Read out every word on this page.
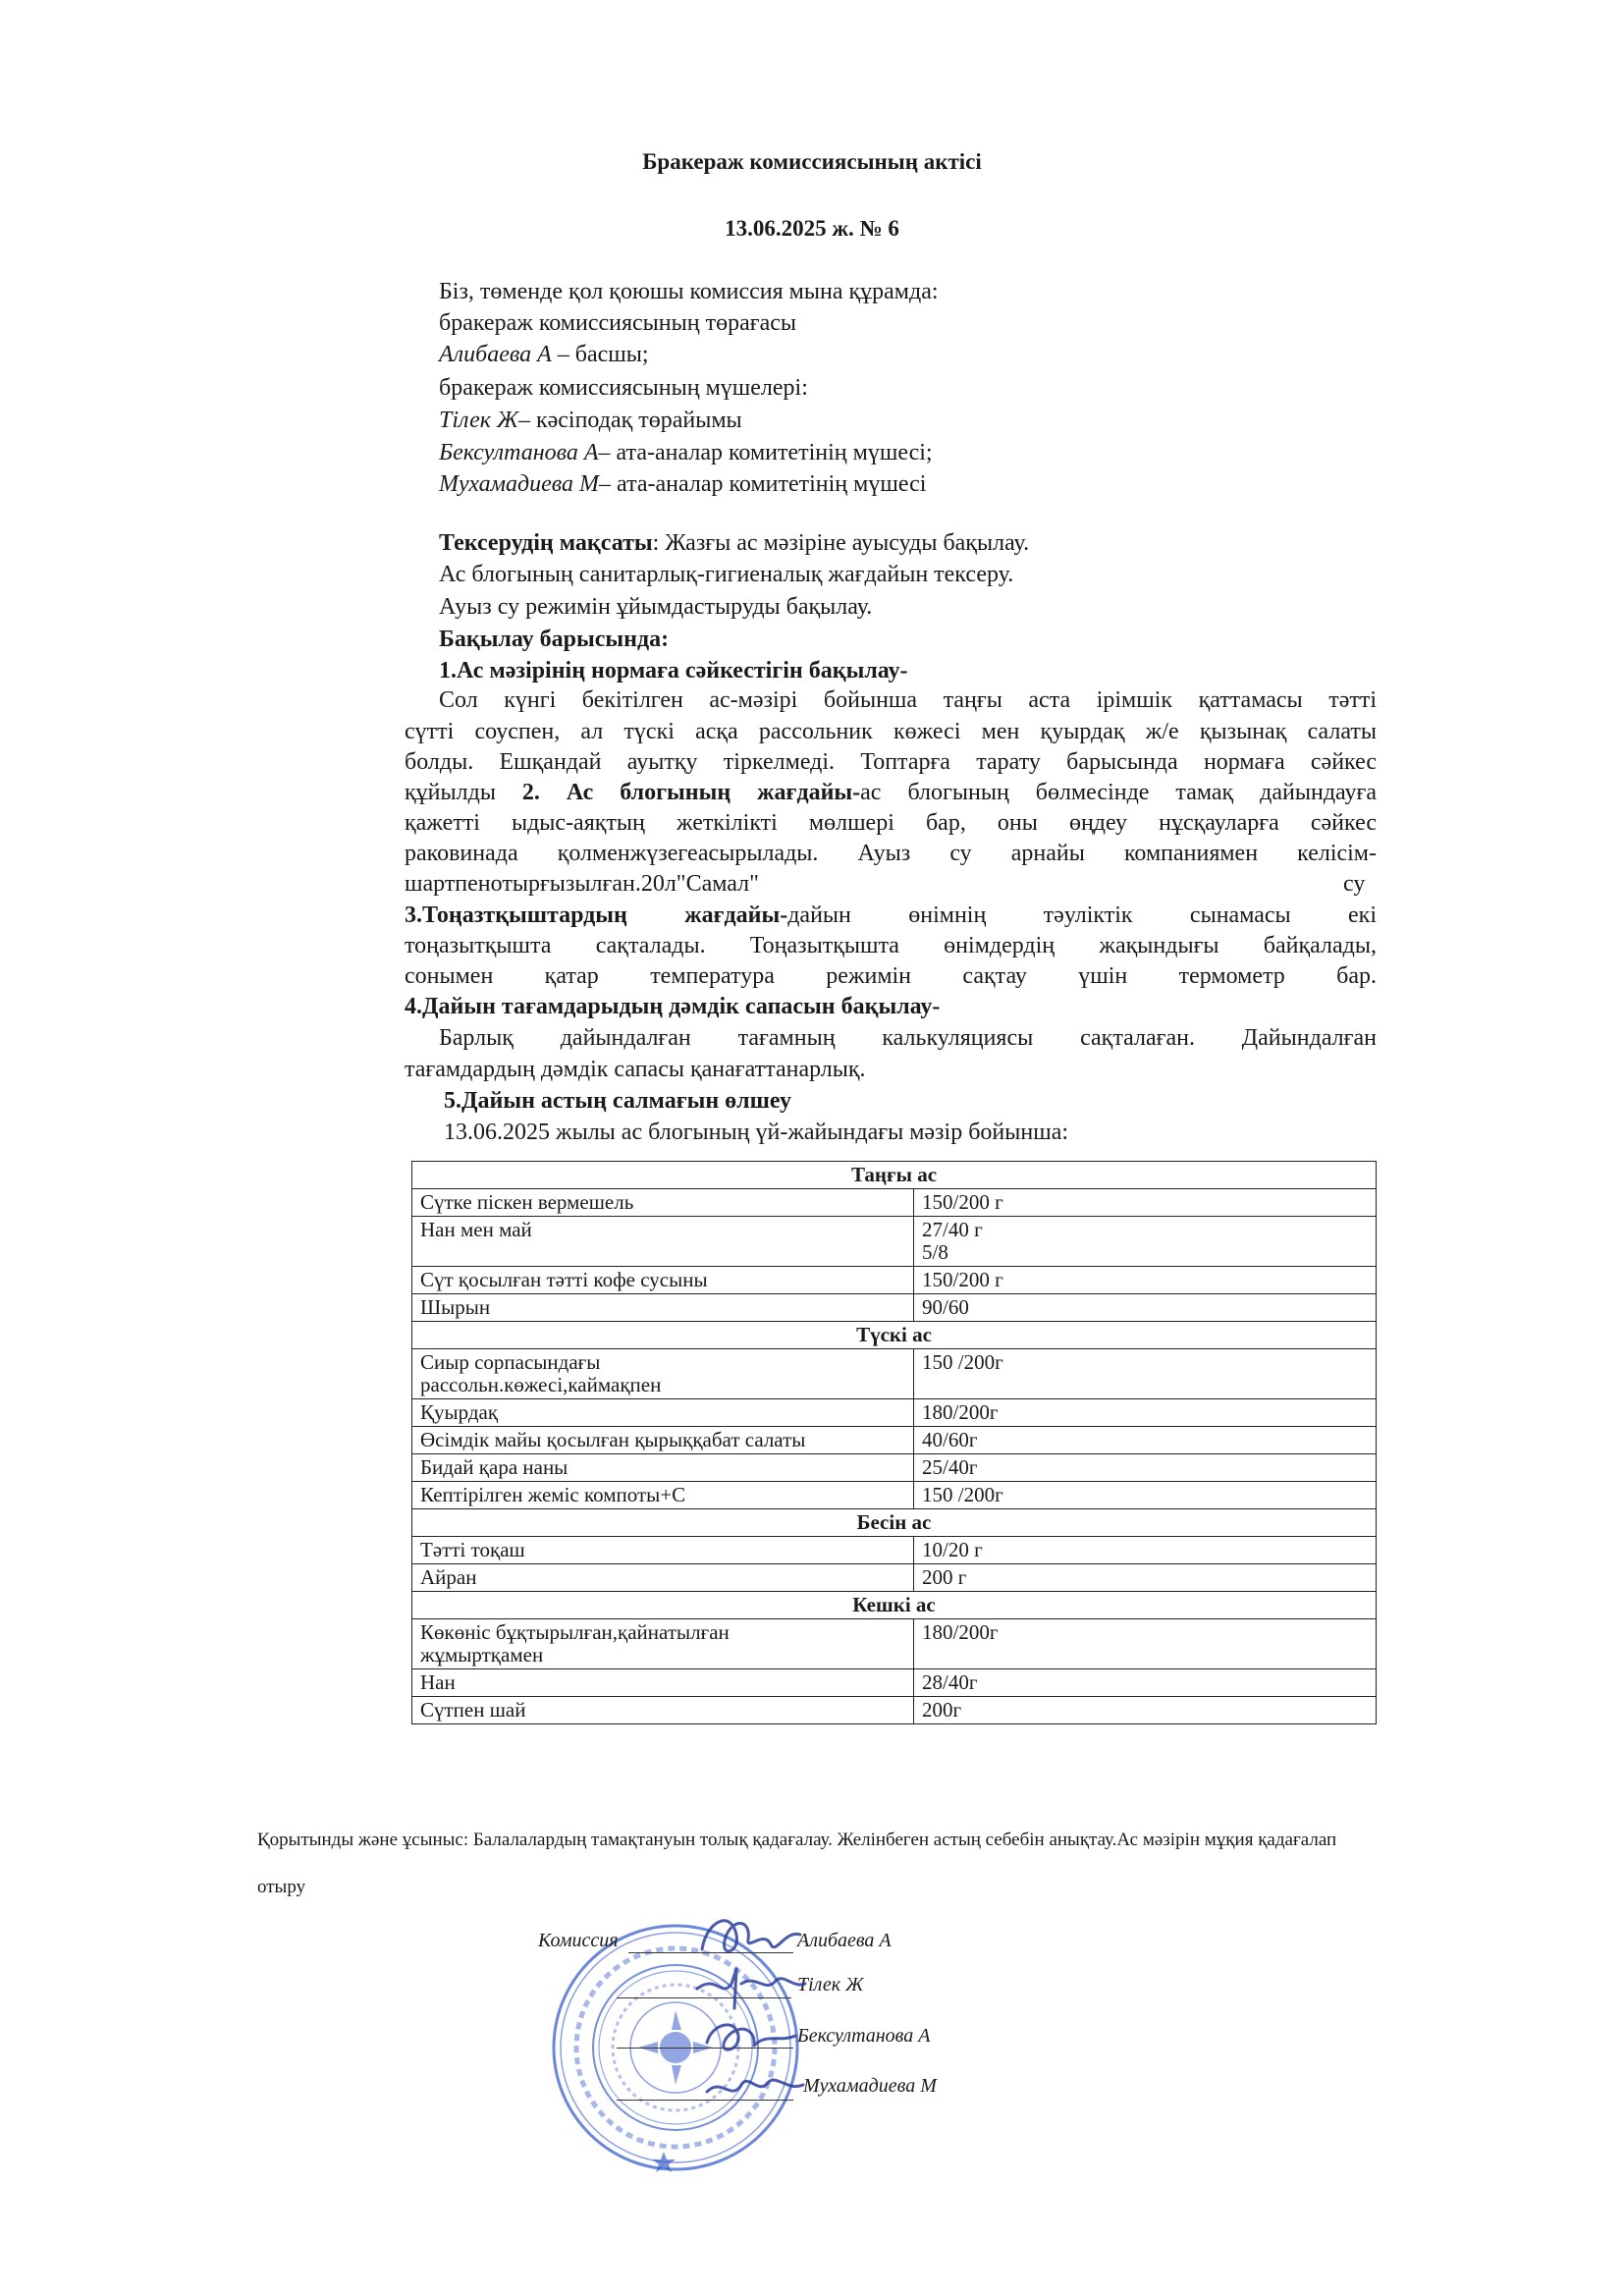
Бракераж комиссиясының актісі
13.06.2025 ж. № 6
Біз, төменде қол қоюшы комиссия мына құрамда:
бракераж комиссиясының төрағасы
Алибаева А – басшы;
бракераж комиссиясының мүшелері:
Тілек Ж– кәсіподақ төрайымы
Бексултанова А– ата-аналар комитетінің мүшесі;
Мухамадиева М– ата-аналар комитетінің мүшесі
Тексерудің мақсаты: Жазғы ас мәзіріне ауысуды бақылау.
Ас блогының санитарлық-гигиеналық жағдайын тексеру.
Ауыз су режимін ұйымдастыруды бақылау.
Бақылау барысында:
1.Ас мәзірінің нормаға сәйкестігін бақылау-
Сол күнгі бекітілген ас-мәзірі бойынша таңғы аста ірімшік қаттамасы тәтті
сүтті соуспен, ал түскі асқа рассольник көжесі мен қуырдақ ж/е қызынақ салаты
болды. Ешқандай ауытқу тіркелмеді. Топтарға тарату барысында нормаға сәйкес
құйылды 2. Ас блогының жағдайы-ас блогының бөлмесінде тамақ дайындауға
қажетті ыдыс-аяқтың жеткілікті мөлшері бар, оны өңдеу нұсқауларға сәйкес
раковинада қолменжүзегеасырылады. Ауыз су арнайы компаниямен келісім-
шартпенотырғызылған.20л"Самал"	су
3.Тоңазтқыштардың жағдайы-дайын өнімнің тәуліктік сынамасы екі
тоңазытқышта сақталады. Тоңазытқышта өнімдердің жақындығы байқалады,
сонымен қатар температура режимін сақтау үшін термометр бар.
4.Дайын тағамдарыдың дәмдік сапасын бақылау-
Барлық дайындалған тағамның калькуляциясы сақталаған. Дайындалған
тағамдардың дәмдік сапасы қанағаттанарлық.
5.Дайын астың салмағын өлшеу
13.06.2025 жылы ас блогының үй-жайындағы мәзір бойынша:
Таңғы ас	
Сүтке піскен вермешель	150/200 г
Нан мен май	27/40 г
5/8

Сүт қосылған тәтті кофе сусыны	150/200 г
Шырын	90/60
Түскі ас	

Сиыр сорпасындағы
рассольн.көжесі,каймақпен	150 /200г
Қуырдақ	180/200г
Өсімдік майы қосылған қырыққабат салаты	40/60г
Бидай қара наны	25/40г
Кептірілген жеміс компоты+С	150 /200г
Бесін ас	
Тәтті тоқаш	10/20 г
Айран	200 г
Кешкі ас	

Көкөніс бұқтырылған,қайнатылған
жұмыртқамен	180/200г
Нан	28/40г
Сүтпен шай	200г
Қорытынды және ұсыныс: Балалалардың тамақтануын толық қадағалау. Желінбеген астың себебін анықтау.Ас мәзірін мұқия қадағалап
отыру
Комиссия	Алибаева А
Тілек Ж
Бексултанова А
Мухамадиева М
